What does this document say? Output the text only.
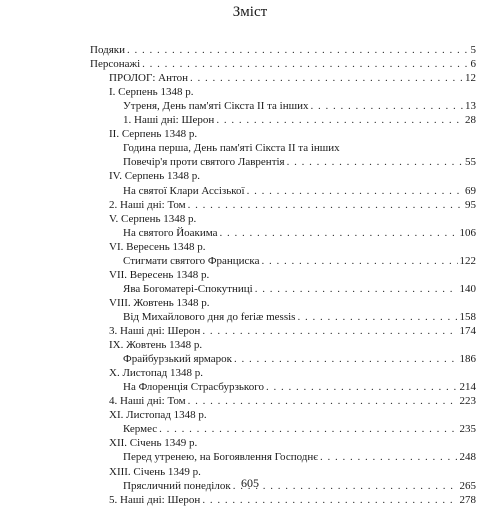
Зміст
Подяки . . .	5
Персонажі . . .	6
ПРОЛОГ: Антон . . .	12
I. Серпень 1348 р.
Утреня, День пам'яті Сікста II та інших . . .	13
1. Наші дні: Шерон . . .	28
II. Серпень 1348 р.
Година перша, День пам'яті Сікста II та інших
Повечір'я проти святого Лаврентія . . .	55
IV. Серпень 1348 р.
На святої Клари Ассізької . . .	69
2. Наші дні: Том . . .	95
V. Серпень 1348 р.
На святого Йоакима . . .	106
VI. Вересень 1348 р.
Стигмати святого Франциска . . .	122
VII. Вересень 1348 р.
Ява Богоматері-Спокутниці . . .	140
VIII. Жовтень 1348 р.
Від Михайлового дня до feriæ messis . . .	158
3. Наші дні: Шерон . . .	174
IX. Жовтень 1348 р.
Фрайбурзький ярмарок . . .	186
X. Листопад 1348 р.
На Флоренція Страсбурзького . . .	214
4. Наші дні: Том . . .	223
XI. Листопад 1348 р.
Кермес . . .	235
XII. Січень 1349 р.
Перед утренею, на Богоявлення Господнє . . .	248
XIII. Січень 1349 р.
Прясличний понеділок . . .	265
5. Наші дні: Шерон . . .	278
605
